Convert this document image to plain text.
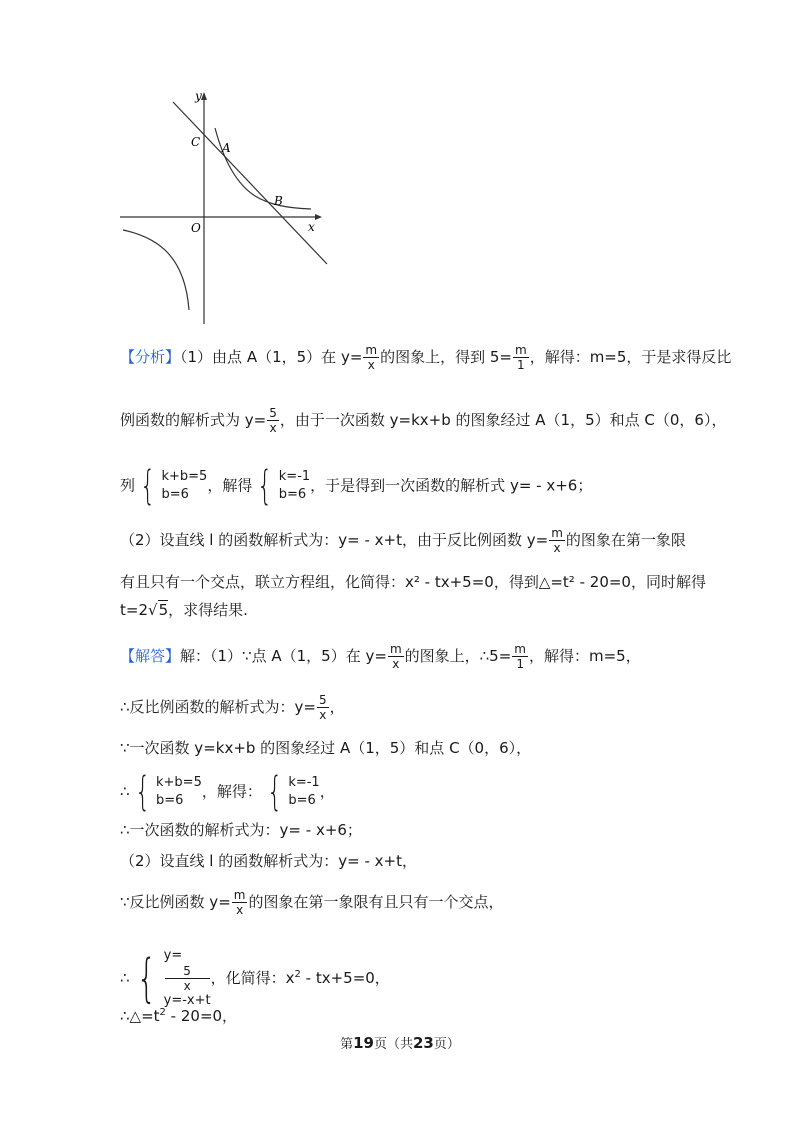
y
x
O
C A
B
【分析】（1）由点 A（1，5）在 $y= \frac{m}{x}$ 的图象上，得到 $5= \frac{m}{1}$ ，解得：m=5，于是求得反比
例函数的解析式为 $y= \frac{5}{x}$ ，由于一次函数 y=kx+b 的图象经过 A（1，5）和点 C（0，6），
列 { k+b=5
b=6	，解得 { k=-1
b=6 ，于是得到一次函数的解析式 y= - x+6；
（2）设直线 l 的函数解析式为：y= - x+t，由于反比例函数 $y= \frac{m}{x}$ 的图象在第一象限
有且只有一个交点，联立方程组，化简得：x² - tx+5=0，得到△=t² - 20=0，同时解得
t=2√5，求得结果.
【解答】解：（1）∵点 A（1，5）在 $y= \frac{m}{x}$ 的图象上，∴5= $\frac{m}{1}$ ，解得：m=5，
∴反比例函数的解析式为：$y= \frac{5}{x}$ ，
∵一次函数 y=kx+b 的图象经过 A（1，5）和点 C（0，6），
∴ { k+b=5
b=6	，解得： { k=-1
b=6 ，
∴一次函数的解析式为：y= - x+6；
（2）设直线 l 的函数解析式为：y= - x+t，
∵反比例函数 $y= \frac{m}{x}$ 的图象在第一象限有且只有一个交点，
∴ { y=
5
x
y=-x+t
，化简得：$x^2 - tx+5=0$，
$\therefore\triangle=t^2 - 20=0$，
第19页（共23页）
